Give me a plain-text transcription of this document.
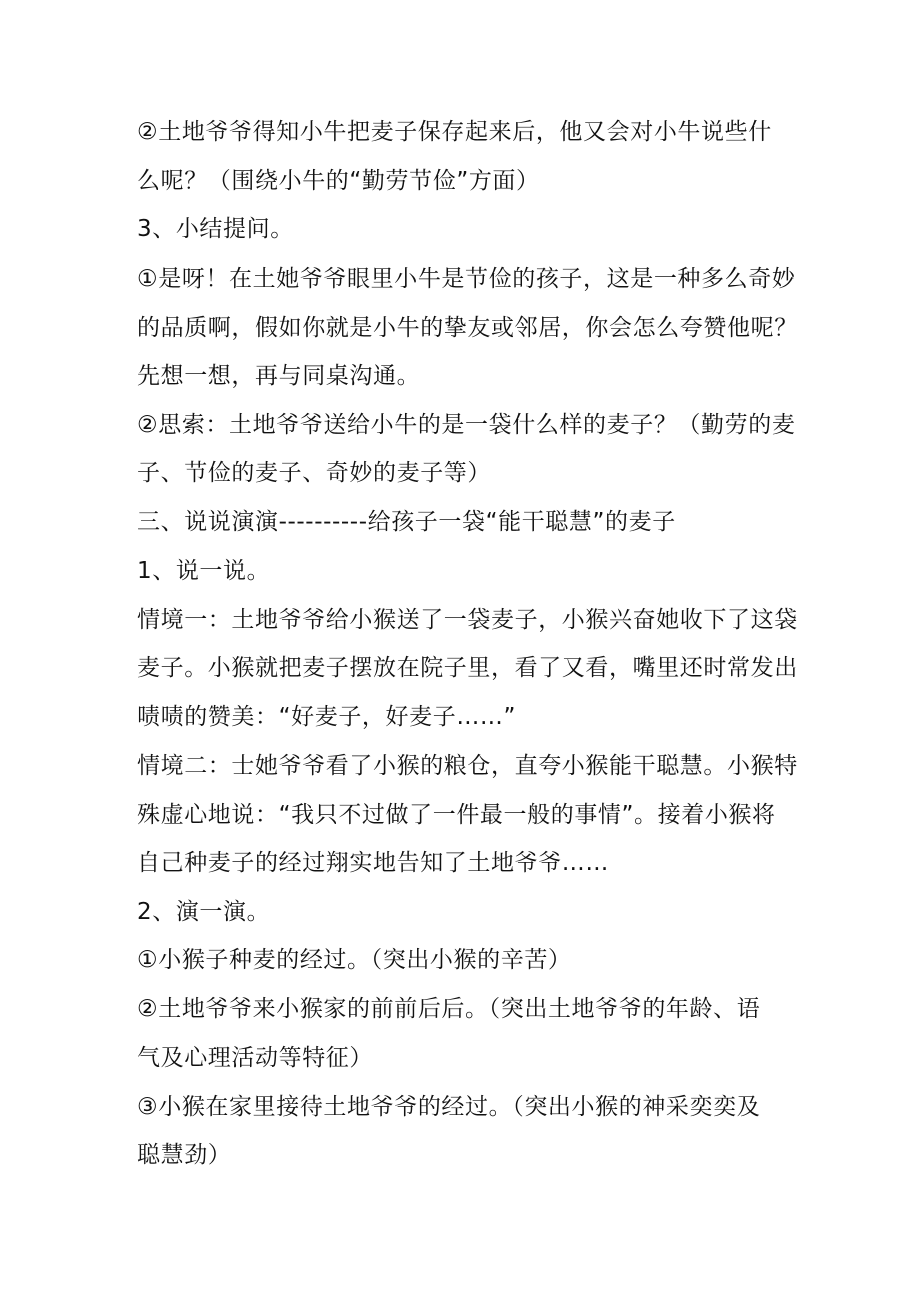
②土地爷爷得知小牛把麦子保存起来后，他又会对小牛说些什
么呢？（围绕小牛的“勤劳节俭”方面）
3、小结提问。
①是呀！在土她爷爷眼里小牛是节俭的孩子，这是一种多么奇妙
的品质啊，假如你就是小牛的挚友或邻居，你会怎么夸赞他呢？
先想一想，再与同桌沟通。
②思索：土地爷爷送给小牛的是一袋什么样的麦子？（勤劳的麦
子、节俭的麦子、奇妙的麦子等）
三、说说演演----------给孩子一袋“能干聪慧”的麦子
1、说一说。
情境一：土地爷爷给小猴送了一袋麦子，小猴兴奋她收下了这袋
麦子。小猴就把麦子摆放在院子里，看了又看，嘴里还时常发出
啧啧的赞美：“好麦子，好麦子……”
情境二：士她爷爷看了小猴的粮仓，直夸小猴能干聪慧。小猴特
殊虚心地说：“我只不过做了一件最一般的事情”。接着小猴将
自己种麦子的经过翔实地告知了土地爷爷……
2、演一演。
①小猴子种麦的经过。（突出小猴的辛苦）
②土地爷爷来小猴家的前前后后。（突出土地爷爷的年龄、语
气及心理活动等特征）
③小猴在家里接待土地爷爷的经过。（突出小猴的神采奕奕及
聪慧劲）
